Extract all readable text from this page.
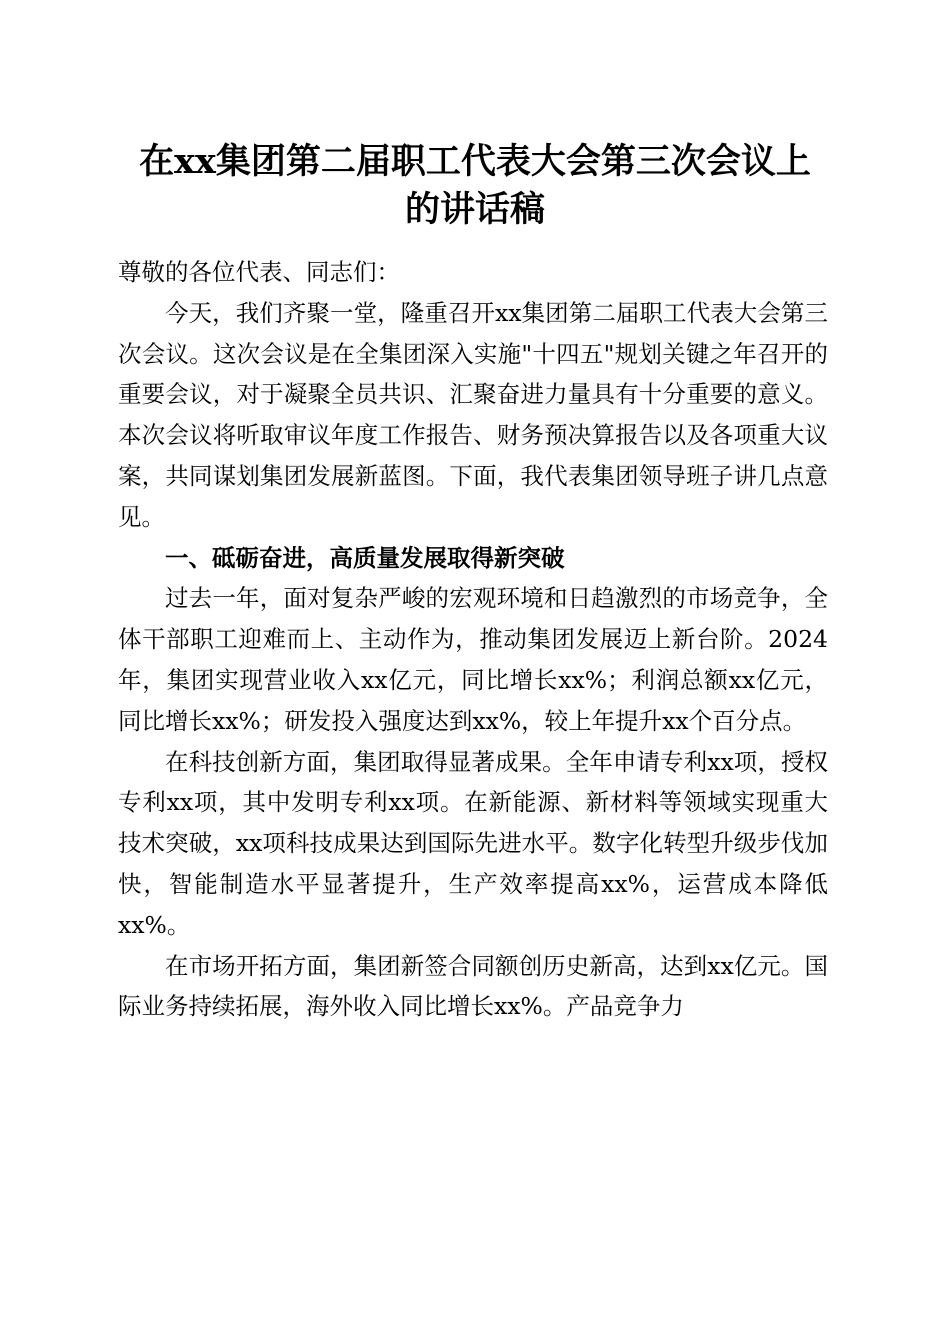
在xx集团第二届职工代表大会第三次会议上
的讲话稿

尊敬的各位代表、同志们：

今天，我们齐聚一堂，隆重召开xx集团第二届职工代表大会第三次会议。这次会议是在全集团深入实施"十四五"规划关键之年召开的重要会议，对于凝聚全员共识、汇聚奋进力量具有十分重要的意义。本次会议将听取审议年度工作报告、财务预决算报告以及各项重大议案，共同谋划集团发展新蓝图。下面，我代表集团领导班子讲几点意见。

一、砥砺奋进，高质量发展取得新突破

过去一年，面对复杂严峻的宏观环境和日趋激烈的市场竞争，全体干部职工迎难而上、主动作为，推动集团发展迈上新台阶。2024年，集团实现营业收入xx亿元，同比增长xx%；利润总额xx亿元，同比增长xx%；研发投入强度达到xx%，较上年提升xx个百分点。

在科技创新方面，集团取得显著成果。全年申请专利xx项，授权专利xx项，其中发明专利xx项。在新能源、新材料等领域实现重大技术突破，xx项科技成果达到国际先进水平。数字化转型升级步伐加快，智能制造水平显著提升，生产效率提高xx%，运营成本降低xx%。

在市场开拓方面，集团新签合同额创历史新高，达到xx亿元。国际业务持续拓展，海外收入同比增长xx%。产品竞争力
